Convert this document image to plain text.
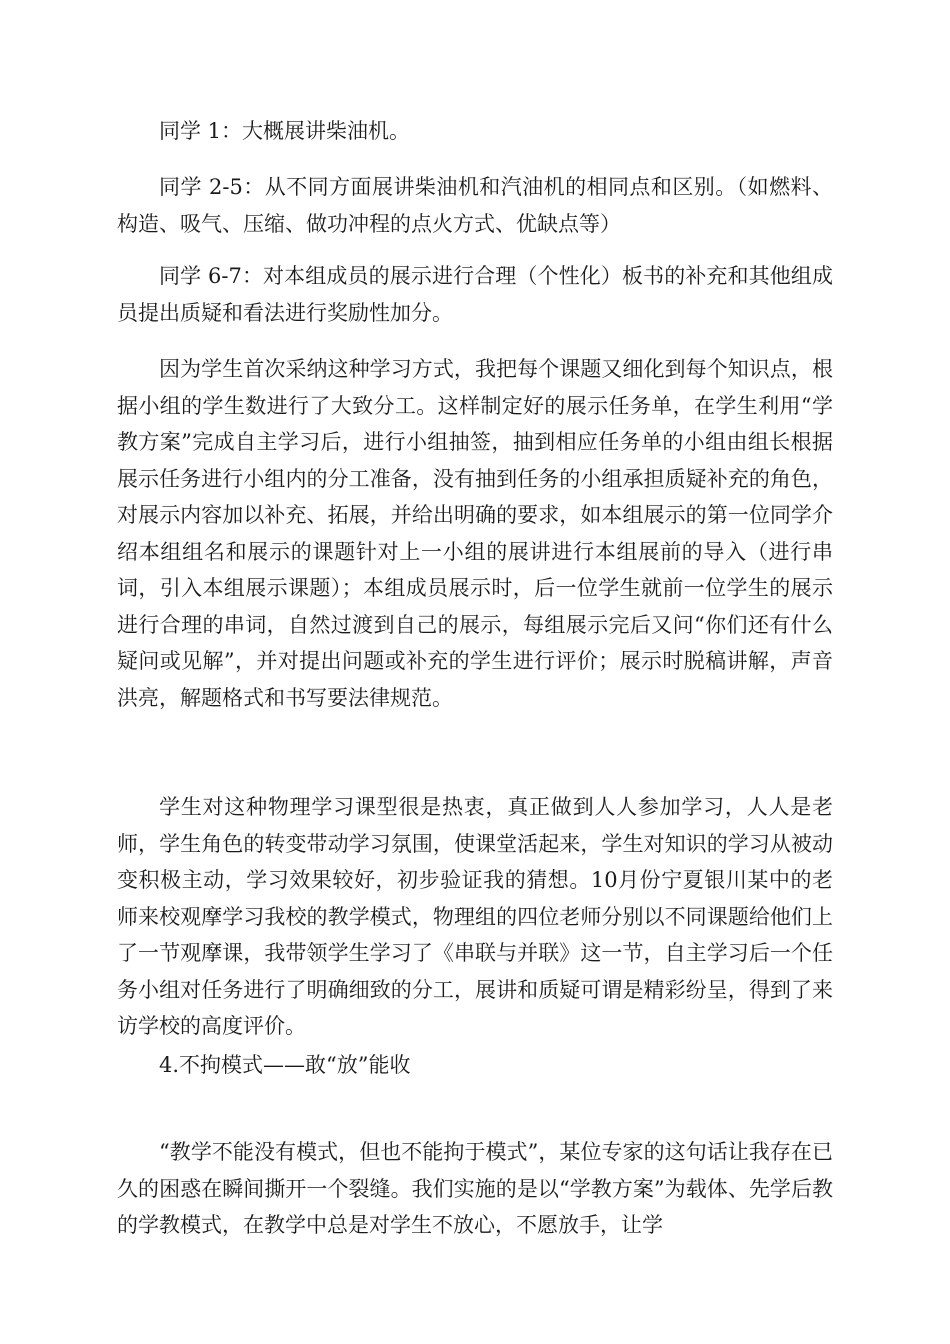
同学 1：大概展讲柴油机。

同学 2-5：从不同方面展讲柴油机和汽油机的相同点和区别。（如燃料、构造、吸气、压缩、做功冲程的点火方式、优缺点等）

同学 6-7：对本组成员的展示进行合理（个性化）板书的补充和其他组成员提出质疑和看法进行奖励性加分。

因为学生首次采纳这种学习方式，我把每个课题又细化到每个知识点，根据小组的学生数进行了大致分工。这样制定好的展示任务单，在学生利用“学教方案”完成自主学习后，进行小组抽签，抽到相应任务单的小组由组长根据展示任务进行小组内的分工准备，没有抽到任务的小组承担质疑补充的角色，对展示内容加以补充、拓展，并给出明确的要求，如本组展示的第一位同学介绍本组组名和展示的课题针对上一小组的展讲进行本组展前的导入（进行串词，引入本组展示课题）；本组成员展示时，后一位学生就前一位学生的展示进行合理的串词，自然过渡到自己的展示，每组展示完后又问“你们还有什么疑问或见解”，并对提出问题或补充的学生进行评价；展示时脱稿讲解，声音洪亮，解题格式和书写要法律规范。

学生对这种物理学习课型很是热衷，真正做到人人参加学习，人人是老师，学生角色的转变带动学习氛围，使课堂活起来，学生对知识的学习从被动变积极主动，学习效果较好，初步验证我的猜想。10月份宁夏银川某中的老师来校观摩学习我校的教学模式，物理组的四位老师分别以不同课题给他们上了一节观摩课，我带领学生学习了《串联与并联》这一节，自主学习后一个任务小组对任务进行了明确细致的分工，展讲和质疑可谓是精彩纷呈，得到了来访学校的高度评价。

4.不拘模式——敢“放”能收

“教学不能没有模式，但也不能拘于模式”，某位专家的这句话让我存在已久的困惑在瞬间撕开一个裂缝。我们实施的是以“学教方案”为载体、先学后教的学教模式，在教学中总是对学生不放心，不愿放手，让学
